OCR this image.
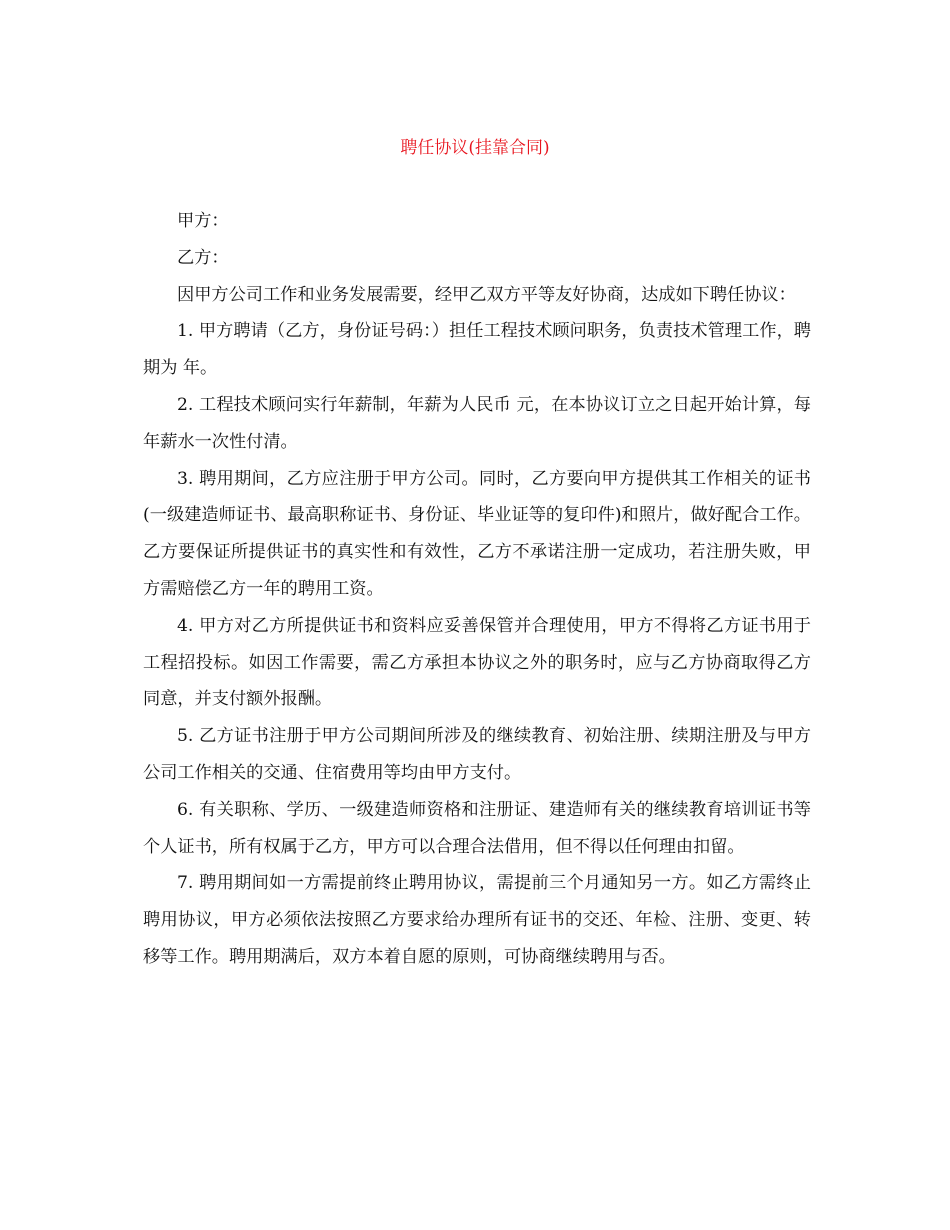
聘任协议(挂靠合同)

甲方：

乙方：

因甲方公司工作和业务发展需要，经甲乙双方平等友好协商，达成如下聘任协议：

1. 甲方聘请（乙方，身份证号码：）担任工程技术顾问职务，负责技术管理工作，聘期为 年。

2. 工程技术顾问实行年薪制，年薪为人民币 元，在本协议订立之日起开始计算，每年薪水一次性付清。

3. 聘用期间，乙方应注册于甲方公司。同时，乙方要向甲方提供其工作相关的证书(一级建造师证书、最高职称证书、身份证、毕业证等的复印件)和照片，做好配合工作。乙方要保证所提供证书的真实性和有效性，乙方不承诺注册一定成功，若注册失败，甲方需赔偿乙方一年的聘用工资。

4. 甲方对乙方所提供证书和资料应妥善保管并合理使用，甲方不得将乙方证书用于工程招投标。如因工作需要，需乙方承担本协议之外的职务时，应与乙方协商取得乙方同意，并支付额外报酬。

5. 乙方证书注册于甲方公司期间所涉及的继续教育、初始注册、续期注册及与甲方公司工作相关的交通、住宿费用等均由甲方支付。

6. 有关职称、学历、一级建造师资格和注册证、建造师有关的继续教育培训证书等个人证书，所有权属于乙方，甲方可以合理合法借用，但不得以任何理由扣留。

7. 聘用期间如一方需提前终止聘用协议，需提前三个月通知另一方。如乙方需终止聘用协议，甲方必须依法按照乙方要求给办理所有证书的交还、年检、注册、变更、转移等工作。聘用期满后，双方本着自愿的原则，可协商继续聘用与否。
